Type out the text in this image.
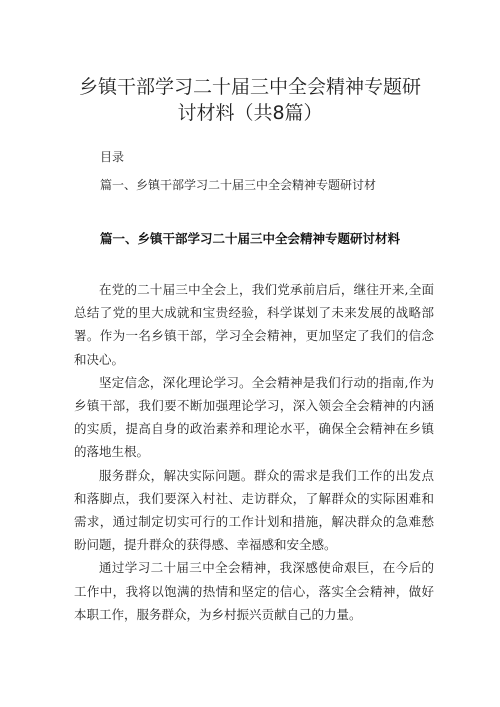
乡镇干部学习二十届三中全会精神专题研
讨材料（共8篇）
目录
篇一、乡镇干部学习二十届三中全会精神专题研讨材
篇一、乡镇干部学习二十届三中全会精神专题研讨材料

在党的二十届三中全会上，我们党承前启后，继往开来,全面总结了党的里大成就和宝贵经验，科学谋划了未来发展的战略部署。作为一名乡镇干部，学习全会精神，更加坚定了我们的信念和决心。

坚定信念，深化理论学习。全会精神是我们行动的指南,作为乡镇干部，我们要不断加强理论学习，深入领会全会精神的内涵的实质，提高自身的政治素养和理论水平，确保全会精神在乡镇的落地生根。

服务群众，解决实际问题。群众的需求是我们工作的出发点和落脚点，我们要深入村社、走访群众，了解群众的实际困难和需求，通过制定切实可行的工作计划和措施，解决群众的急难愁盼问题，提升群众的获得感、幸福感和安全感。

通过学习二十届三中全会精神，我深感使命艰巨，在今后的工作中，我将以饱满的热情和坚定的信心，落实全会精神，做好本职工作，服务群众，为乡村振兴贡献自己的力量。
